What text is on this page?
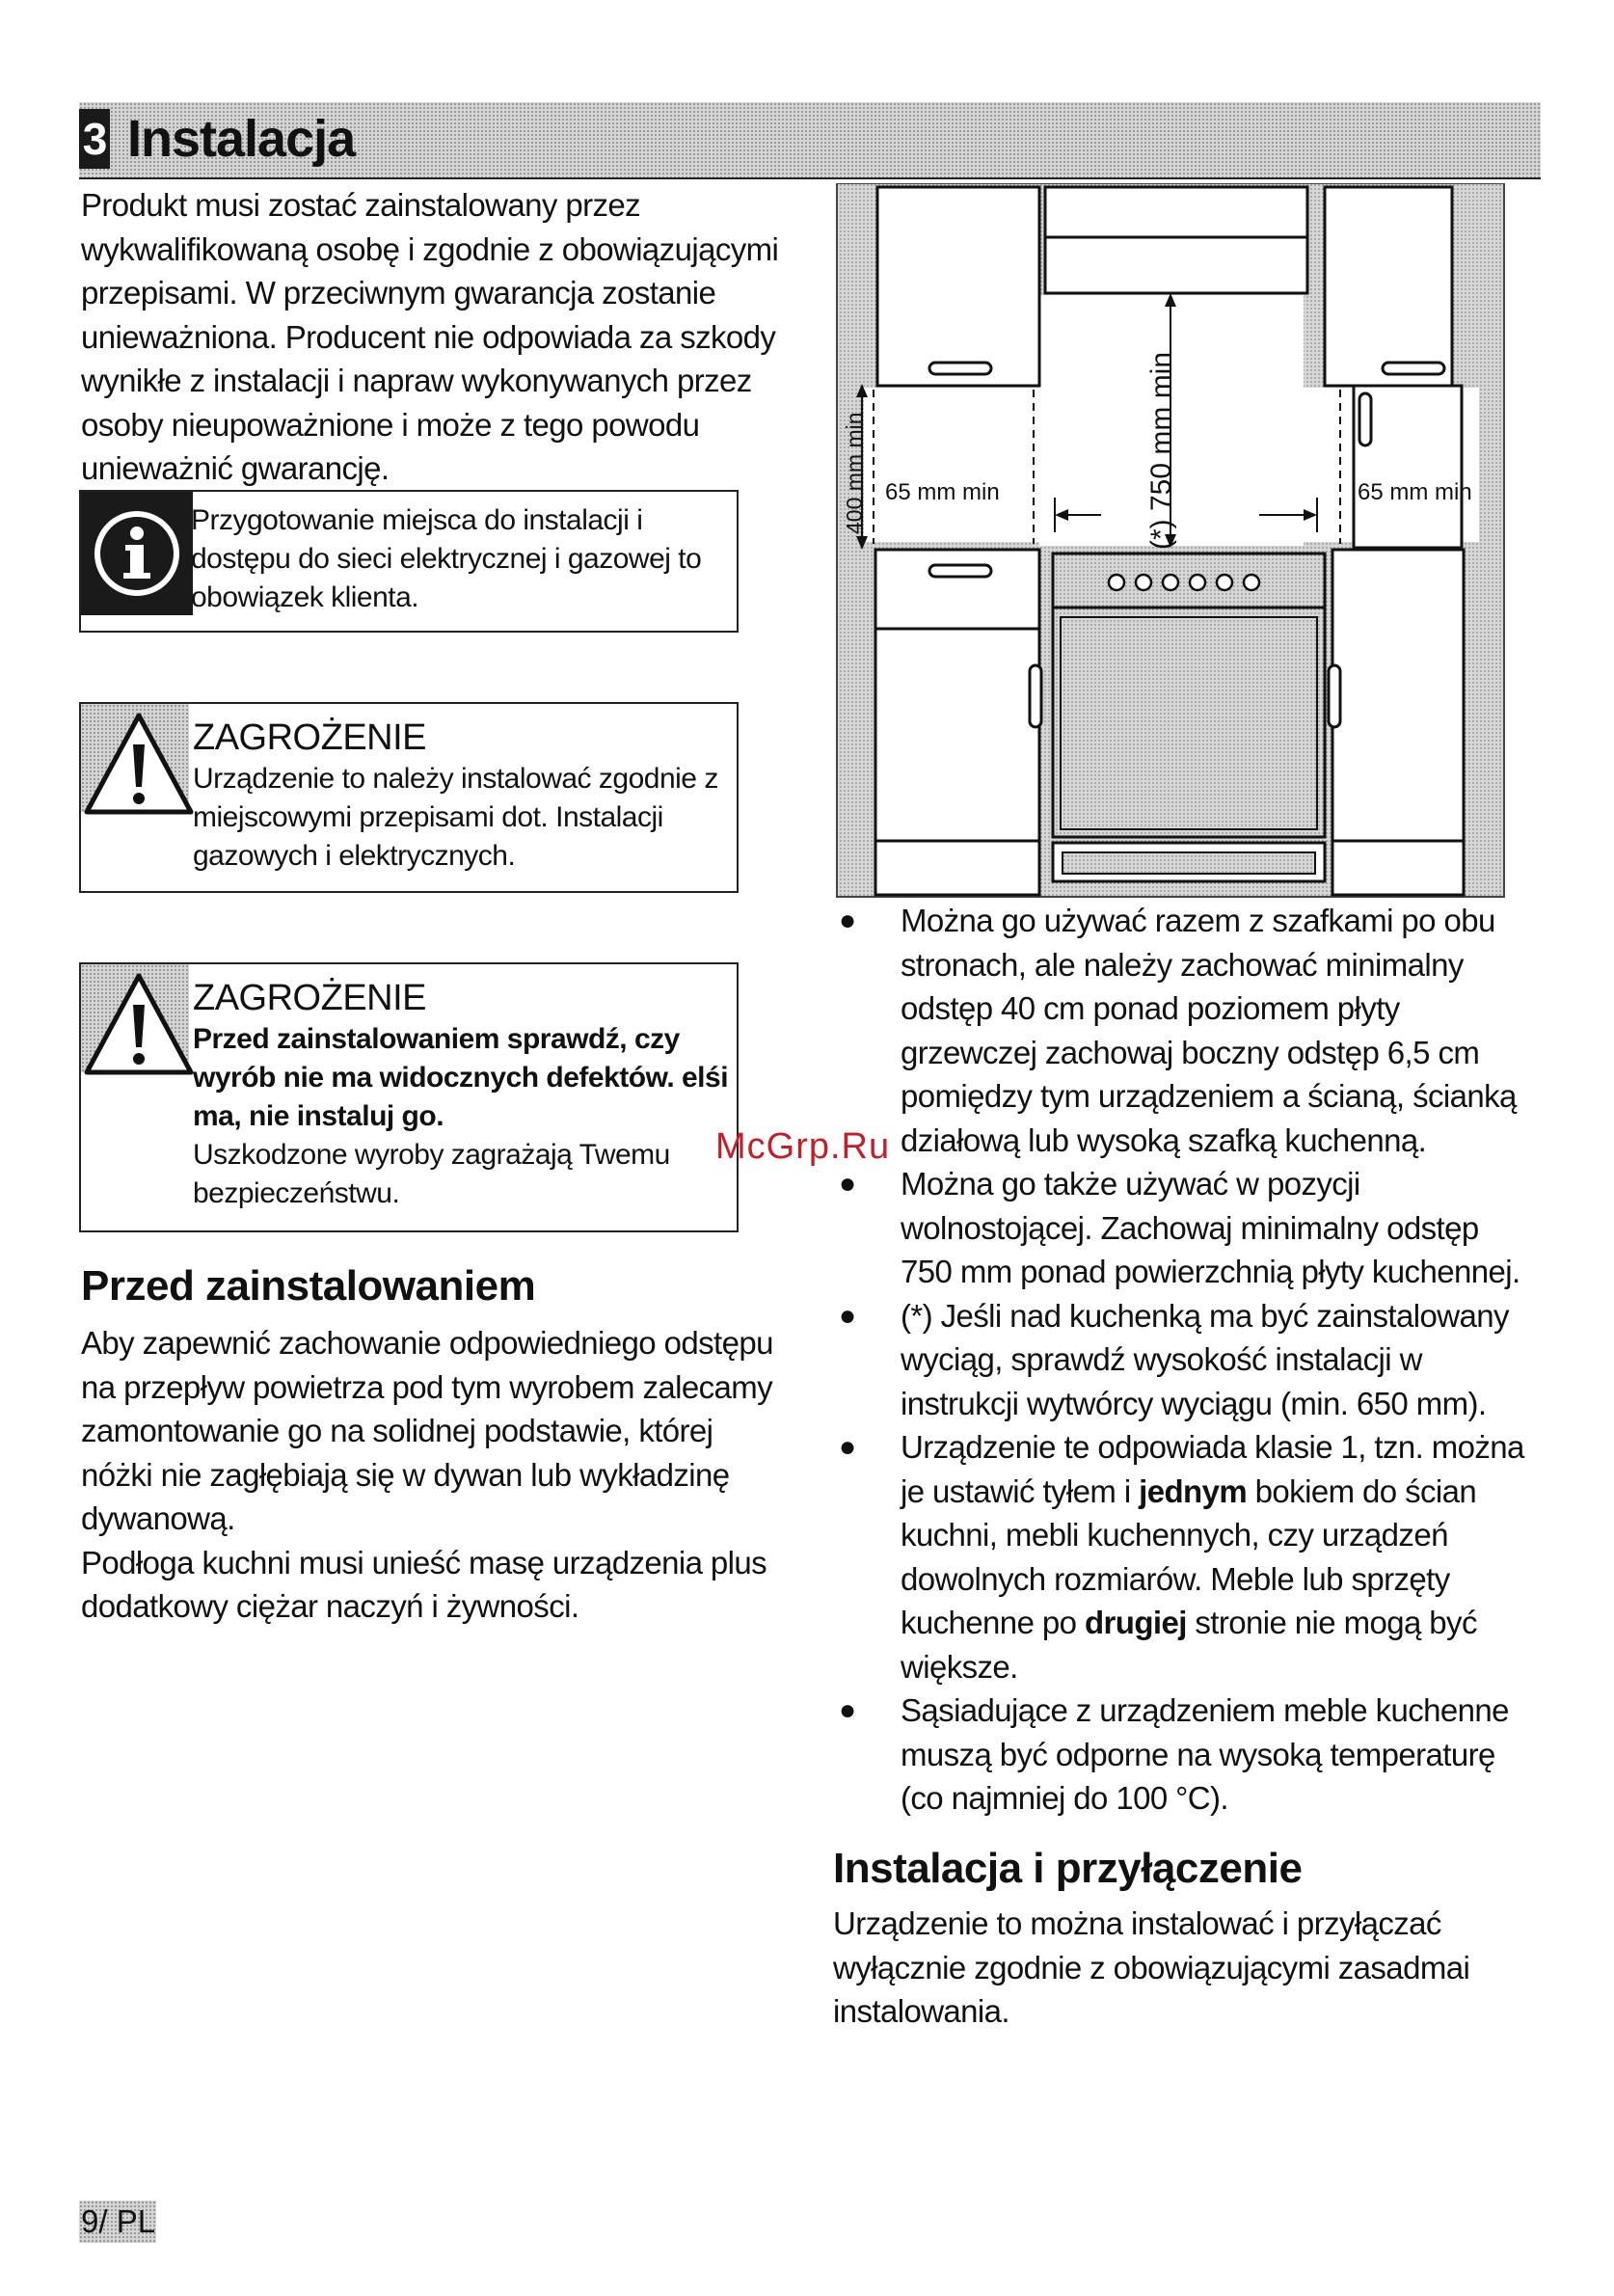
3 Instalacja
Produkt musi zostać zainstalowany przez
wykwalifikowaną osobę i zgodnie z obowiązującymi
przepisami. W przeciwnym gwarancja zostanie
unieważniona. Producent nie odpowiada za szkody
wynikłe z instalacji i napraw wykonywanych przez
osoby nieupoważnione i może z tego powodu
unieważnić gwarancję.
Przygotowanie miejsca do instalacji i
dostępu do sieci elektrycznej i gazowej to
obowiązek klienta.
ZAGROŻENIE
Urządzenie to należy instalować zgodnie z
miejscowymi przepisami dot. Instalacji
gazowych i elektrycznych.
ZAGROŻENIE
Przed zainstalowaniem sprawdź, czy
wyrób nie ma widocznych defektów. elśi
ma, nie instaluj go.
Uszkodzone wyroby zagrażają Twemu
bezpieczeństwu.
Przed zainstalowaniem
Aby zapewnić zachowanie odpowiedniego odstępu
na przepływ powietrza pod tym wyrobem zalecamy
zamontowanie go na solidnej podstawie, której
nóżki nie zagłębiają się w dywan lub wykładzinę
dywanową.
Podłoga kuchni musi unieść masę urządzenia plus
dodatkowy ciężar naczyń i żywności.
400 mm min 65 mm min	(*) 750 mm min	65 mm min
● Można go używać razem z szafkami po obu
stronach, ale należy zachować minimalny
odstęp 40 cm ponad poziomem płyty
grzewczej zachowaj boczny odstęp 6,5 cm
pomiędzy tym urządzeniem a ścianą, ścianką
działową lub wysoką szafką kuchenną.
● Można go także używać w pozycji
wolnostojącej. Zachowaj minimalny odstęp
750 mm ponad powierzchnią płyty kuchennej.
● (*) Jeśli nad kuchenką ma być zainstalowany
wyciąg, sprawdź wysokość instalacji w
instrukcji wytwórcy wyciągu (min. 650 mm).
● Urządzenie te odpowiada klasie 1, tzn. można
je ustawić tyłem i jednym bokiem do ścian
kuchni, mebli kuchennych, czy urządzeń
dowolnych rozmiarów. Meble lub sprzęty
kuchenne po drugiej stronie nie mogą być
większe.
● Sąsiadujące z urządzeniem meble kuchenne
muszą być odporne na wysoką temperaturę
(co najmniej do 100 °C).
Instalacja i przyłączenie
Urządzenie to można instalować i przyłączać
wyłącznie zgodnie z obowiązującymi zasadmai
instalowania.
McGrp.Ru
9/ PL
